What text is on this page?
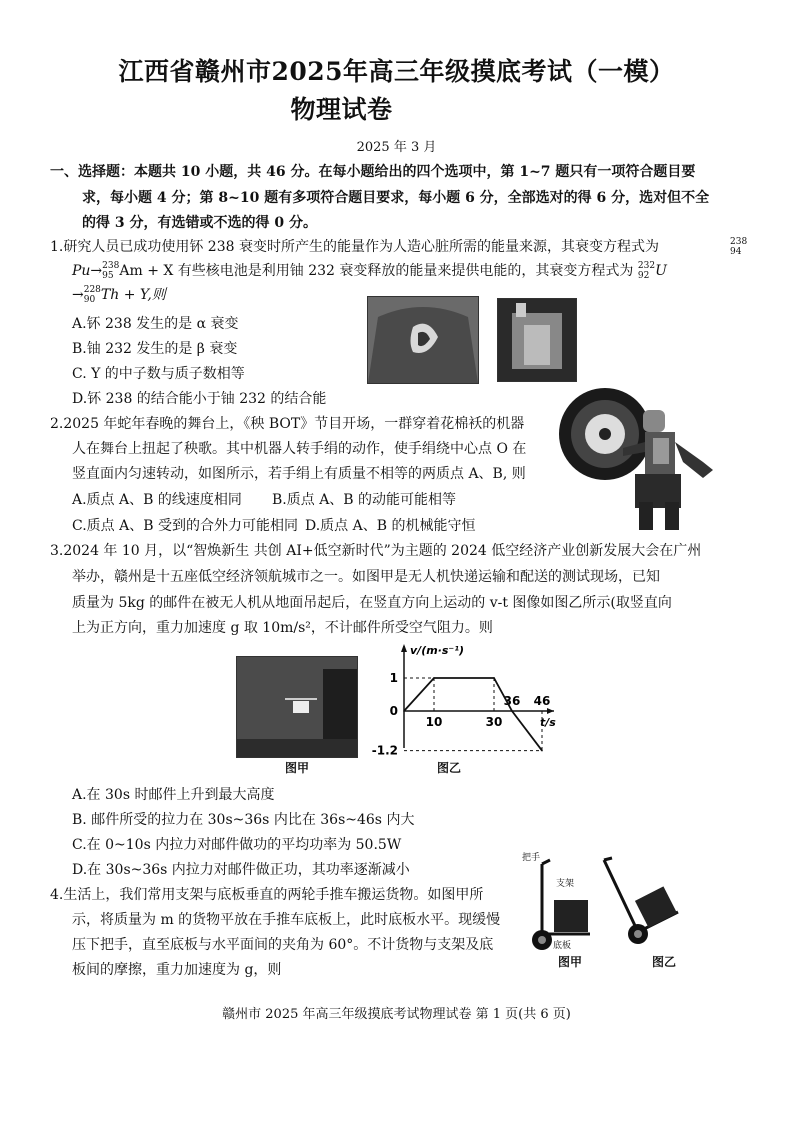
江西省赣州市2025年高三年级摸底考试（一模）
物理试卷
2025 年 3 月
一、选择题：本题共 10 小题，共 46 分。在每小题给出的四个选项中，第 1~7 题只有一项符合题目要
求，每小题 4 分；第 8~10 题有多项符合题目要求，每小题 6 分，全部选对的得 6 分，选对但不全
的得 3 分，有选错或不选的得 0 分。
1.研究人员已成功使用钚 238 衰变时所产生的能量作为人造心脏所需的能量来源，其衰变方程式为	238
94
Pu→ 238
95 Am + X 有些核电池是利用铀 232 衰变释放的能量来提供电能的，其衰变方程式为 232
92 U
→ 228
90 Th + Y,则
A.钚 238 发生的是 α 衰变
B.铀 232 发生的是 β 衰变
C. Y 的中子数与质子数相等
D.钚 238 的结合能小于铀 232 的结合能
2.2025 年蛇年春晚的舞台上，《秧 BOT》节目开场，一群穿着花棉袄的机器
人在舞台上扭起了秧歌。其中机器人转手绢的动作，使手绢绕中心点 O 在
竖直面内匀速转动，如图所示，若手绢上有质量不相等的两质点 A、B, 则
A.质点 A、B 的线速度相同 B.质点 A、B 的动能可能相等
C.质点 A、B 受到的合外力可能相同 D.质点 A、B 的机械能守恒
3.2024 年 10 月，以“智焕新生 共创 AI+低空新时代”为主题的 2024 低空经济产业创新发展大会在广州
举办，赣州是十五座低空经济领航城市之一。如图甲是无人机快递运输和配送的测试现场，已知
质量为 5kg 的邮件在被无人机从地面吊起后，在竖直方向上运动的 v-t 图像如图乙所示(取竖直向
上为正方向，重力加速度 g 取 10m/s²，不计邮件所受空气阻力。则
图甲
v/(m·s⁻¹)
t/s
1
0
-1.2
10	30
36 46
图乙
A.在 30s 时邮件上升到最大高度
B. 邮件所受的拉力在 30s~36s 内比在 36s~46s 内大
C.在 0~10s 内拉力对邮件做功的平均功率为 50.5W
D.在 30s~36s 内拉力对邮件做正功，其功率逐渐减小
4.生活上，我们常用支架与底板垂直的两轮手推车搬运货物。如图甲所
示，将质量为 m 的货物平放在手推车底板上，此时底板水平。现缓慢
压下把手，直至底板与水平面间的夹角为 60°。不计货物与支架及底
板间的摩擦，重力加速度为 g，则
把手
支架
底板
图甲	图乙
赣州市 2025 年高三年级摸底考试物理试卷 第 1 页(共 6 页)
